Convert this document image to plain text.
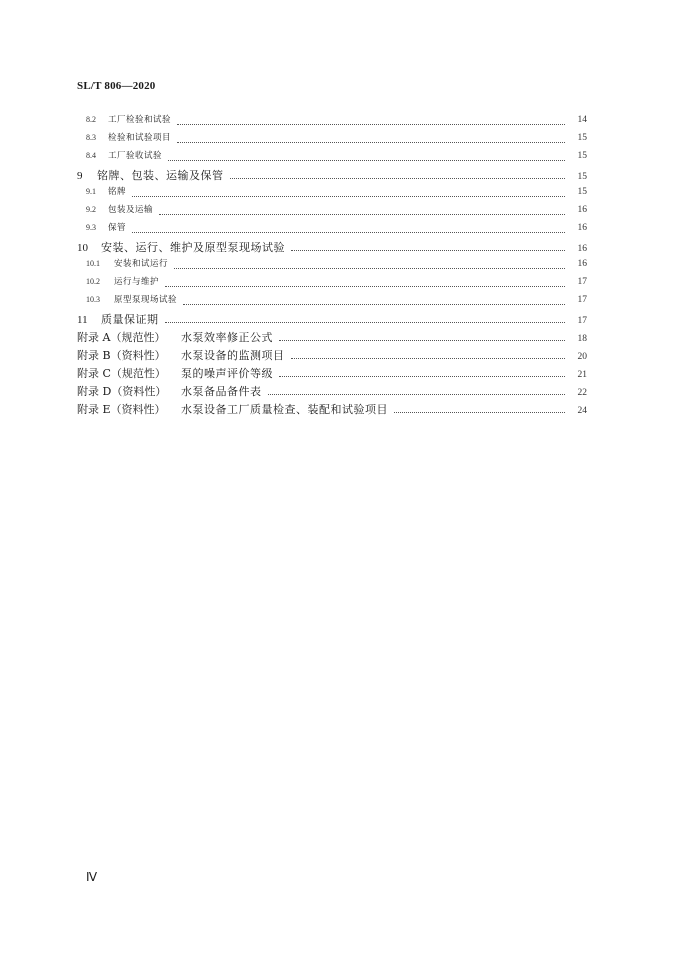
SL/T 806—2020
8.2	工厂检验和试验	14
8.3	检验和试验项目	15
8.4	工厂验收试验	15
9	铭牌、包装、运输及保管	15
9.1	铭牌	15
9.2	包装及运输	16
9.3	保管	16
10	安装、运行、维护及原型泵现场试验	16
10.1	安装和试运行	16
10.2	运行与维护	17
10.3	原型泵现场试验	17
11	质量保证期	17
附录 A（规范性）	水泵效率修正公式	18
附录 B（资料性）	水泵设备的监测项目	20
附录 C（规范性）	泵的噪声评价等级	21
附录 D（资料性）	水泵备品备件表	22
附录 E（资料性）	水泵设备工厂质量检查、装配和试验项目	24
Ⅳ
